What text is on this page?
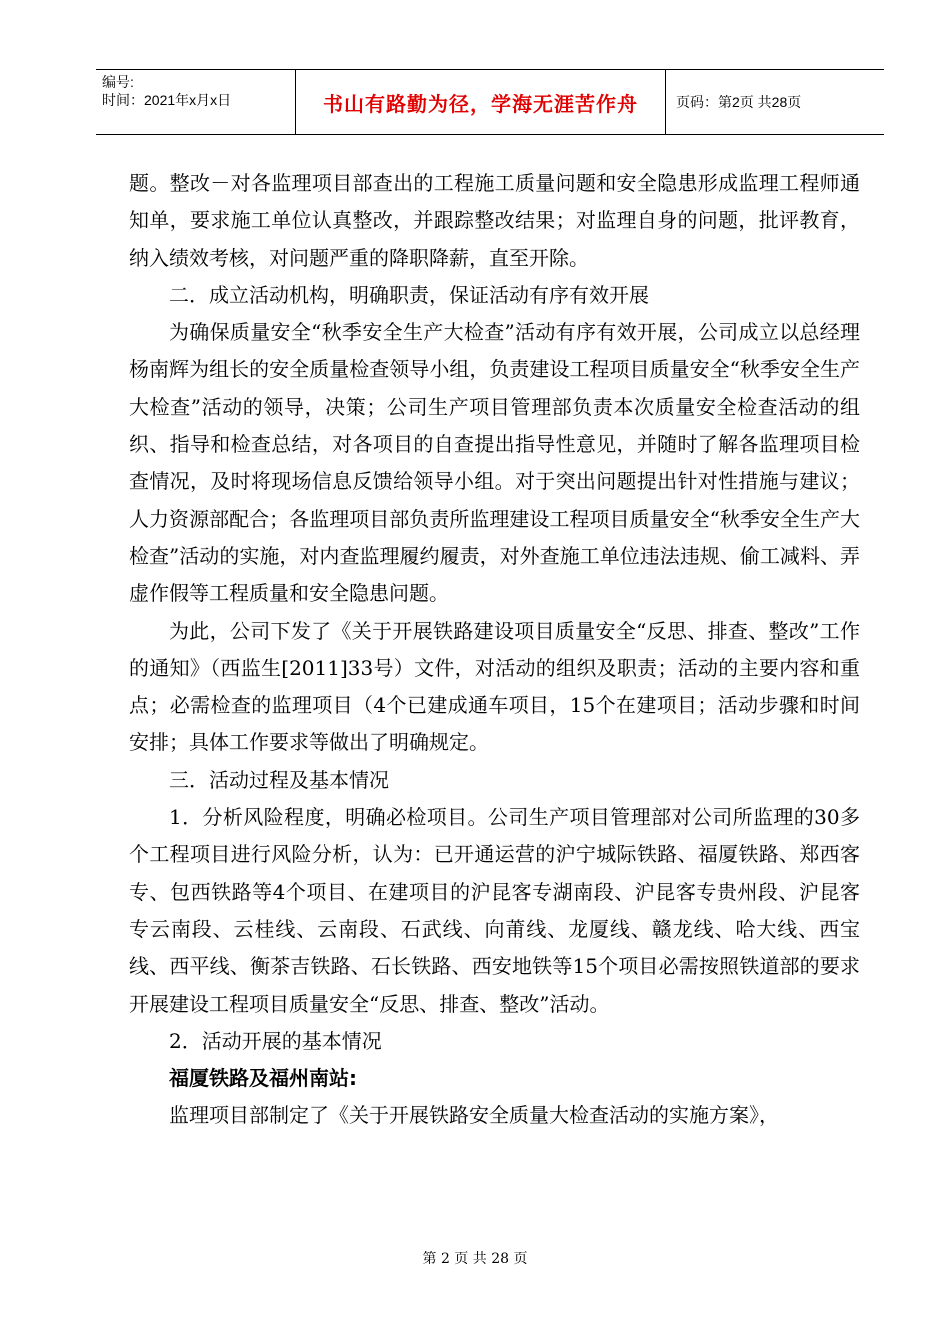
编号:
时间：2021年x月x日	书山有路勤为径，学海无涯苦作舟	页码：第2页 共28页

题。整改－对各监理项目部查出的工程施工质量问题和安全隐患形成监理工程师通知单，要求施工单位认真整改，并跟踪整改结果；对监理自身的问题，批评教育，纳入绩效考核，对问题严重的降职降薪，直至开除。

二．成立活动机构，明确职责，保证活动有序有效开展

为确保质量安全“秋季安全生产大检查”活动有序有效开展，公司成立以总经理杨南辉为组长的安全质量检查领导小组，负责建设工程项目质量安全“秋季安全生产大检查”活动的领导，决策；公司生产项目管理部负责本次质量安全检查活动的组织、指导和检查总结，对各项目的自查提出指导性意见，并随时了解各监理项目检查情况，及时将现场信息反馈给领导小组。对于突出问题提出针对性措施与建议；人力资源部配合；各监理项目部负责所监理建设工程项目质量安全“秋季安全生产大检查”活动的实施，对内查监理履约履责，对外查施工单位违法违规、偷工减料、弄虚作假等工程质量和安全隐患问题。

为此，公司下发了《关于开展铁路建设项目质量安全“反思、排查、整改”工作的通知》（西监生[2011]33号）文件，对活动的组织及职责；活动的主要内容和重点；必需检查的监理项目（4个已建成通车项目，15个在建项目；活动步骤和时间安排；具体工作要求等做出了明确规定。

三．活动过程及基本情况

1．分析风险程度，明确必检项目。公司生产项目管理部对公司所监理的30多个工程项目进行风险分析，认为：已开通运营的沪宁城际铁路、福厦铁路、郑西客专、包西铁路等4个项目、在建项目的沪昆客专湖南段、沪昆客专贵州段、沪昆客专云南段、云桂线、云南段、石武线、向莆线、龙厦线、赣龙线、哈大线、西宝线、西平线、衡茶吉铁路、石长铁路、西安地铁等15个项目必需按照铁道部的要求开展建设工程项目质量安全“反思、排查、整改”活动。

2．活动开展的基本情况

福厦铁路及福州南站:

监理项目部制定了《关于开展铁路安全质量大检查活动的实施方案》，

第 2 页 共 28 页
